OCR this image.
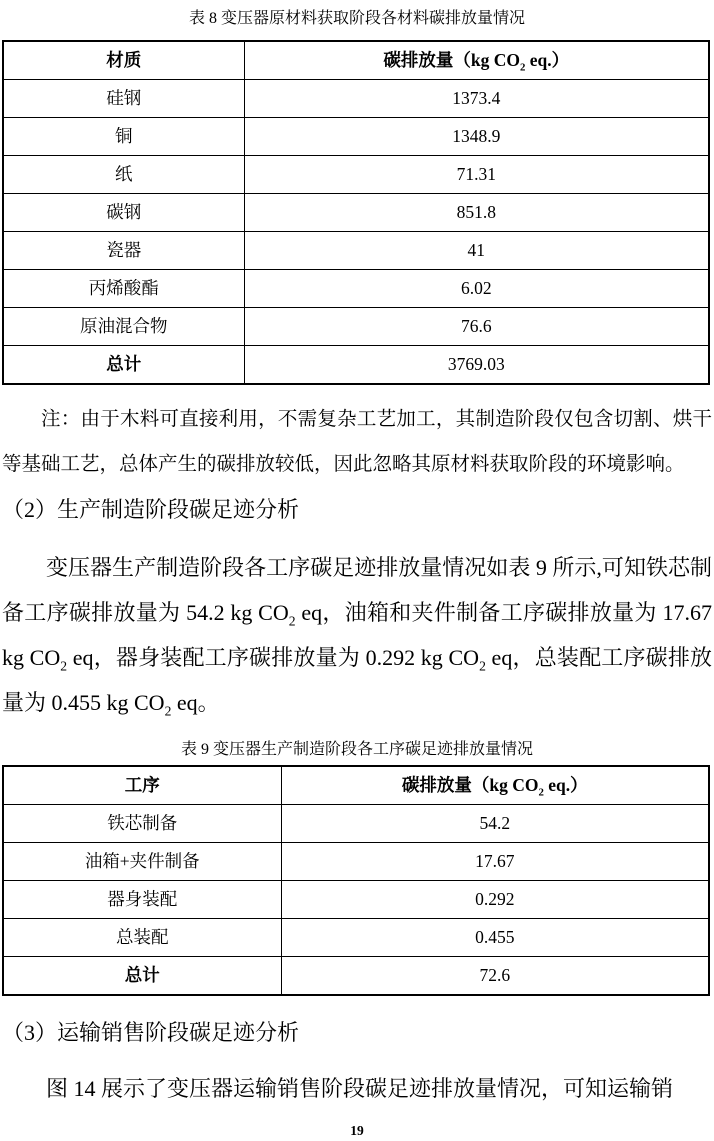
表 8 变压器原材料获取阶段各材料碳排放量情况
材质	碳排放量（kg $CO_2$ eq.）
硅钢	1373.4
铜	1348.9
纸	71.31
碳钢	851.8
瓷器	41
丙烯酸酯	6.02
原油混合物	76.6
总计	3769.03

注：由于木料可直接利用，不需复杂工艺加工，其制造阶段仅包含切割、烘干等基础工艺，总体产生的碳排放较低，因此忽略其原材料获取阶段的环境影响。

（2）生产制造阶段碳足迹分析

变压器生产制造阶段各工序碳足迹排放量情况如表 9 所示,可知铁芯制备工序碳排放量为 54.2 kg $CO_2$ eq，油箱和夹件制备工序碳排放量为 17.67 kg $CO_2$ eq，器身装配工序碳排放量为 0.292 kg $CO_2$ eq，总装配工序碳排放量为 0.455 kg $CO_2$ eq。

表 9 变压器生产制造阶段各工序碳足迹排放量情况
工序	碳排放量（kg $CO_2$ eq.）
铁芯制备	54.2
油箱+夹件制备	17.67
器身装配	0.292
总装配	0.455
总计	72.6
（3）运输销售阶段碳足迹分析

图 14 展示了变压器运输销售阶段碳足迹排放量情况，可知运输销

19
